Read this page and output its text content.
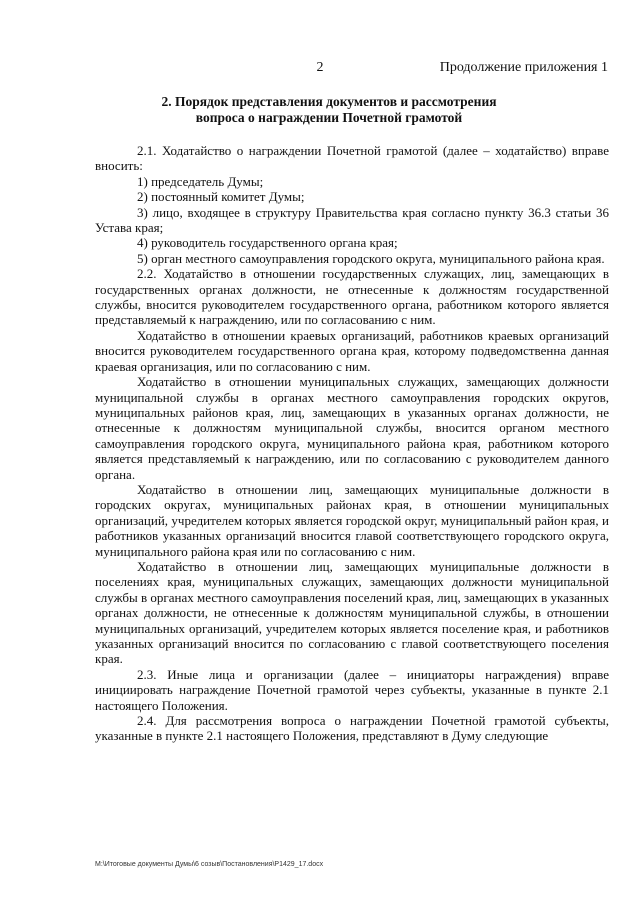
2	Продолжение приложения 1
2. Порядок представления документов и рассмотрения
вопроса о награждении Почетной грамотой

2.1. Ходатайство о награждении Почетной грамотой (далее – ходатайство) вправе вносить:

1) председатель Думы;

2) постоянный комитет Думы;

3) лицо, входящее в структуру Правительства края согласно пункту 36.3 статьи 36 Устава края;

4) руководитель государственного органа края;

5) орган местного самоуправления городского округа, муниципального района края.

2.2. Ходатайство в отношении государственных служащих, лиц, замещающих в государственных органах должности, не отнесенные к должностям государственной службы, вносится руководителем государственного органа, работником которого является представляемый к награждению, или по согласованию с ним.

Ходатайство в отношении краевых организаций, работников краевых организаций вносится руководителем государственного органа края, которому подведомственна данная краевая организация, или по согласованию с ним.

Ходатайство в отношении муниципальных служащих, замещающих должности муниципальной службы в органах местного самоуправления городских округов, муниципальных районов края, лиц, замещающих в указанных органах должности, не отнесенные к должностям муниципальной службы, вносится органом местного самоуправления городского округа, муниципального района края, работником которого является представляемый к награждению, или по согласованию с руководителем данного органа.

Ходатайство в отношении лиц, замещающих муниципальные должности в городских округах, муниципальных районах края, в отношении муниципальных организаций, учредителем которых является городской округ, муниципальный район края, и работников указанных организаций вносится главой соответствующего городского округа, муниципального района края или по согласованию с ним.

Ходатайство в отношении лиц, замещающих муниципальные должности в поселениях края, муниципальных служащих, замещающих должности муниципальной службы в органах местного самоуправления поселений края, лиц, замещающих в указанных органах должности, не отнесенные к должностям муниципальной службы, в отношении муниципальных организаций, учредителем которых является поселение края, и работников указанных организаций вносится по согласованию с главой соответствующего поселения края.

2.3. Иные лица и организации (далее – инициаторы награждения) вправе инициировать награждение Почетной грамотой через субъекты, указанные в пункте 2.1 настоящего Положения.

2.4. Для рассмотрения вопроса о награждении Почетной грамотой субъекты, указанные в пункте 2.1 настоящего Положения, представляют в Думу следующие

М:\Итоговые документы Думы\6 созыв\Постановления\Р1429_17.docx
